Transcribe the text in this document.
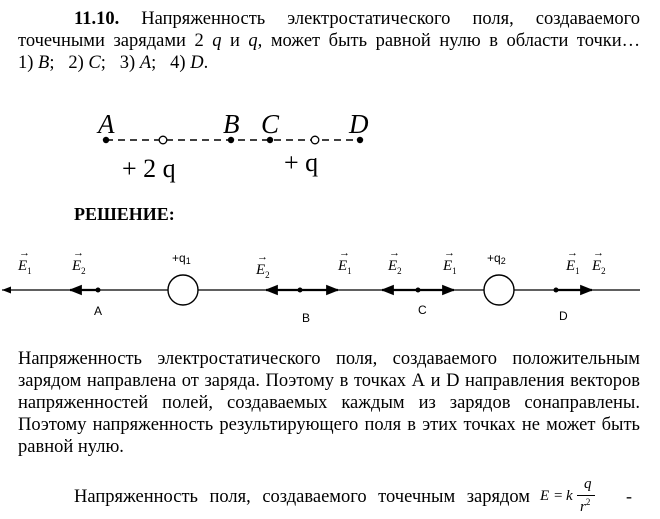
11.10. Напряженность электростатического поля, создаваемого
точечными зарядами 2 q и q, может быть равной нулю в области точки…
1) B; 2) C; 3) A; 4) D.
A	B C	D
+ 2 q	+ q
РЕШЕНИЕ:
+q1	+q2
A	B
C	D
→
$E_1$
→
$E_2$
→
$E_2$
→
$E_1$
→
$E_2$
→
$E_1$
→
$E_1$
→
$E_2$
Напряженность электростатического поля, создаваемого положительным
зарядом направлена от заряда. Поэтому в точках А и D направления векторов
напряженностей полей, создаваемых каждым из зарядов сонаправлены.
Поэтому напряженность результирующего поля в этих точках не может быть
равной нулю.
Напряженность поля, создаваемого точечным зарядом E = k
q
$r^2$ -
